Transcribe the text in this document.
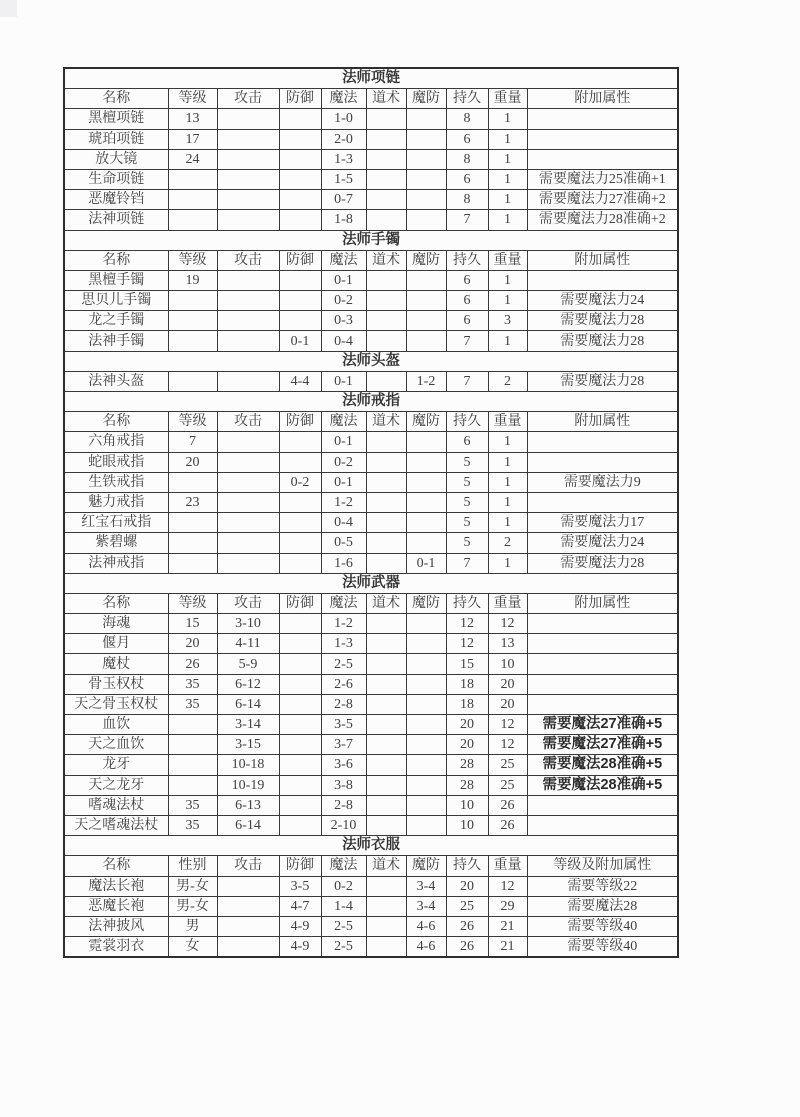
法师项链									
名称	等级	攻击	防御	魔法	道术	魔防	持久	重量	附加属性
黑檀项链	13			1-0			8	1	
琥珀项链	17			2-0			6	1	
放大镜	24			1-3			8	1	
生命项链				1-5			6	1	需要魔法力25准确+1
恶魔铃铛				0-7			8	1	需要魔法力27准确+2
法神项链				1-8			7	1	需要魔法力28准确+2
法师手镯									
名称	等级	攻击	防御	魔法	道术	魔防	持久	重量	附加属性
黑檀手镯	19			0-1			6	1	
思贝儿手镯				0-2			6	1	需要魔法力24
龙之手镯				0-3			6	3	需要魔法力28
法神手镯			0-1	0-4			7	1	需要魔法力28
法师头盔									
法神头盔			4-4	0-1		1-2	7	2	需要魔法力28
法师戒指									
名称	等级	攻击	防御	魔法	道术	魔防	持久	重量	附加属性
六角戒指	7			0-1			6	1	
蛇眼戒指	20			0-2			5	1	
生铁戒指			0-2	0-1			5	1	需要魔法力9
魅力戒指	23			1-2			5	1	
红宝石戒指				0-4			5	1	需要魔法力17
紫碧螺				0-5			5	2	需要魔法力24
法神戒指				1-6		0-1	7	1	需要魔法力28
法师武器									
名称	等级	攻击	防御	魔法	道术	魔防	持久	重量	附加属性
海魂	15	3-10		1-2			12	12	
偃月	20	4-11		1-3			12	13	
魔杖	26	5-9		2-5			15	10	
骨玉权杖	35	6-12		2-6			18	20	
天之骨玉权杖	35	6-14		2-8			18	20	
血饮		3-14		3-5			20	12	需要魔法27准确+5
天之血饮		3-15		3-7			20	12	需要魔法27准确+5
龙牙		10-18		3-6			28	25	需要魔法28准确+5
天之龙牙		10-19		3-8			28	25	需要魔法28准确+5
嗜魂法杖	35	6-13		2-8			10	26	
天之嗜魂法杖	35	6-14		2-10			10	26	
法师衣服									
名称	性别	攻击	防御	魔法	道术	魔防	持久	重量	等级及附加属性
魔法长袍	男-女		3-5	0-2		3-4	20	12	需要等级22
恶魔长袍	男-女		4-7	1-4		3-4	25	29	需要魔法28
法神披风	男		4-9	2-5		4-6	26	21	需要等级40
霓裳羽衣	女		4-9	2-5		4-6	26	21	需要等级40
